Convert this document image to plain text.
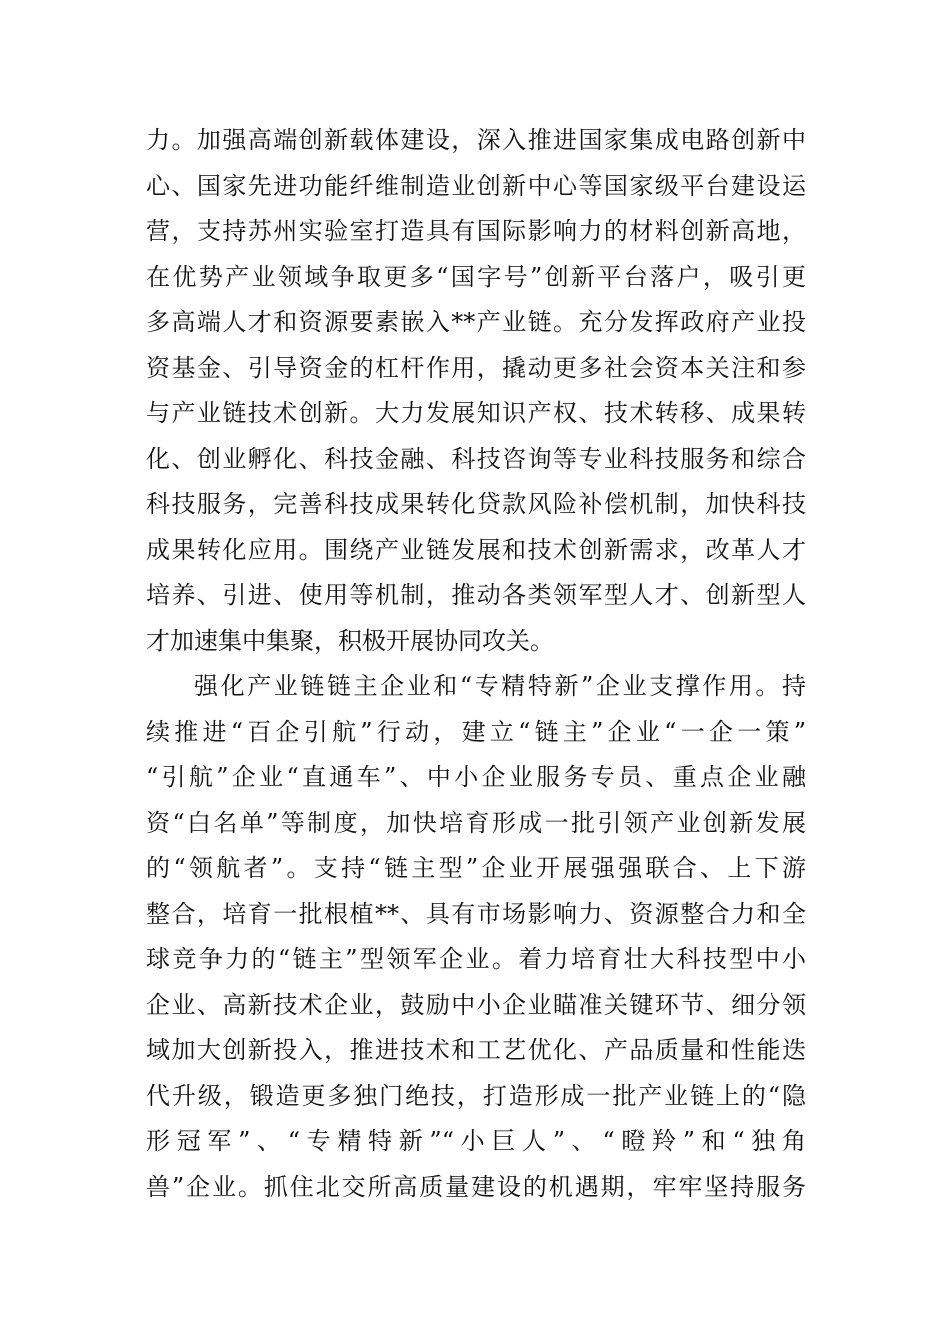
力。加强高端创新载体建设，深入推进国家集成电路创新中
心、国家先进功能纤维制造业创新中心等国家级平台建设运
营，支持苏州实验室打造具有国际影响力的材料创新高地，
在优势产业领域争取更多“国字号”创新平台落户，吸引更
多高端人才和资源要素嵌入**产业链。充分发挥政府产业投
资基金、引导资金的杠杆作用，撬动更多社会资本关注和参
与产业链技术创新。大力发展知识产权、技术转移、成果转
化、创业孵化、科技金融、科技咨询等专业科技服务和综合
科技服务，完善科技成果转化贷款风险补偿机制，加快科技
成果转化应用。围绕产业链发展和技术创新需求，改革人才
培养、引进、使用等机制，推动各类领军型人才、创新型人
才加速集中集聚，积极开展协同攻关。
强化产业链链主企业和“专精特新”企业支撑作用。持
续推进“百企引航”行动，建立“链主”企业“一企一策”
“引航”企业“直通车”、中小企业服务专员、重点企业融
资“白名单”等制度，加快培育形成一批引领产业创新发展
的“领航者”。支持“链主型”企业开展强强联合、上下游
整合，培育一批根植**、具有市场影响力、资源整合力和全
球竞争力的“链主”型领军企业。着力培育壮大科技型中小
企业、高新技术企业，鼓励中小企业瞄准关键环节、细分领
域加大创新投入，推进技术和工艺优化、产品质量和性能迭
代升级，锻造更多独门绝技，打造形成一批产业链上的“隐
形冠军”、“专精特新”“小巨人”、“瞪羚”和“独角
兽”企业。抓住北交所高质量建设的机遇期，牢牢坚持服务
